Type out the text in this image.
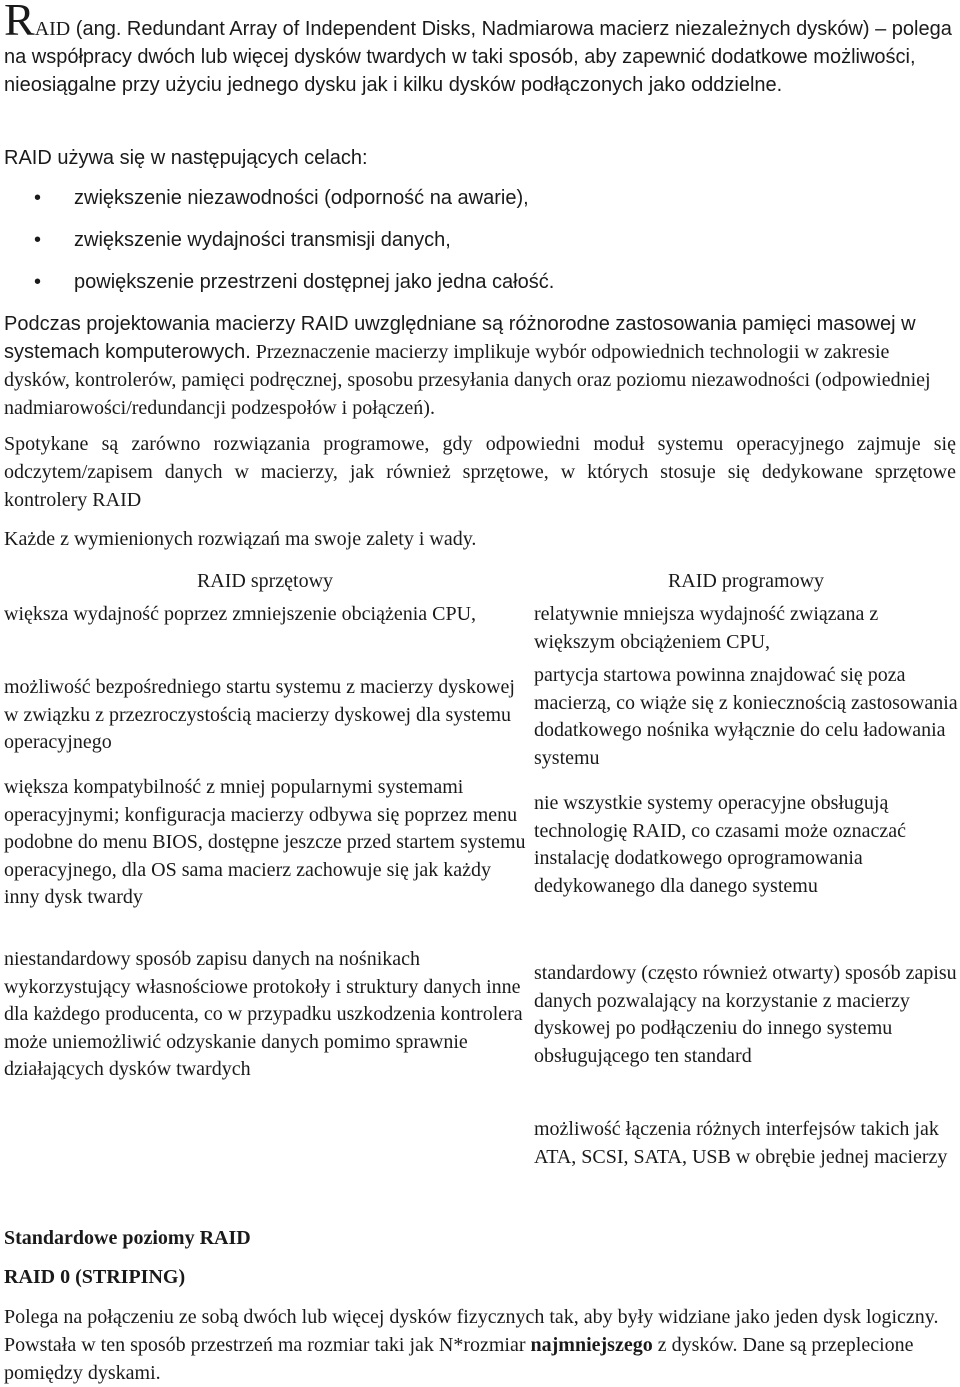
RAID (ang. Redundant Array of Independent Disks, Nadmiarowa macierz niezależnych dysków) – polega na współpracy dwóch lub więcej dysków twardych w taki sposób, aby zapewnić dodatkowe możliwości, nieosiągalne przy użyciu jednego dysku jak i kilku dysków podłączonych jako oddzielne.

RAID używa się w następujących celach:

• zwiększenie niezawodności (odporność na awarie),
• zwiększenie wydajności transmisji danych,
• powiększenie przestrzeni dostępnej jako jedna całość.

Podczas projektowania macierzy RAID uwzględniane są różnorodne zastosowania pamięci masowej w systemach komputerowych. Przeznaczenie macierzy implikuje wybór odpowiednich technologii w zakresie dysków, kontrolerów, pamięci podręcznej, sposobu przesyłania danych oraz poziomu niezawodności (odpowiedniej nadmiarowości/redundancji podzespołów i połączeń).

Spotykane są zarówno rozwiązania programowe, gdy odpowiedni moduł systemu operacyjnego zajmuje się odczytem/zapisem danych w macierzy, jak również sprzętowe, w których stosuje się dedykowane sprzętowe kontrolery RAID

Każde z wymienionych rozwiązań ma swoje zalety i wady.

RAID sprzętowy
większa wydajność poprzez zmniejszenie obciążenia CPU,
możliwość bezpośredniego startu systemu z macierzy dyskowej w związku z przezroczystością macierzy dyskowej dla systemu operacyjnego
większa kompatybilność z mniej popularnymi systemami operacyjnymi; konfiguracja macierzy odbywa się poprzez menu podobne do menu BIOS, dostępne jeszcze przed startem systemu operacyjnego, dla OS sama macierz zachowuje się jak każdy inny dysk twardy
niestandardowy sposób zapisu danych na nośnikach wykorzystujący własnościowe protokoły i struktury danych inne dla każdego producenta, co w przypadku uszkodzenia kontrolera może uniemożliwić odzyskanie danych pomimo sprawnie działających dysków twardych
RAID programowy
relatywnie mniejsza wydajność związana z większym obciążeniem CPU,
partycja startowa powinna znajdować się poza macierzą, co wiąże się z koniecznością zastosowania dodatkowego nośnika wyłącznie do celu ładowania systemu
nie wszystkie systemy operacyjne obsługują technologię RAID, co czasami może oznaczać instalację dodatkowego oprogramowania dedykowanego dla danego systemu
standardowy (często również otwarty) sposób zapisu danych pozwalający na korzystanie z macierzy dyskowej po podłączeniu do innego systemu obsługującego ten standard
możliwość łączenia różnych interfejsów takich jak ATA, SCSI, SATA, USB w obrębie jednej macierzy

Standardowe poziomy RAID

RAID 0 (STRIPING)

Polega na połączeniu ze sobą dwóch lub więcej dysków fizycznych tak, aby były widziane jako jeden dysk logiczny. Powstała w ten sposób przestrzeń ma rozmiar taki jak N*rozmiar najmniejszego z dysków. Dane są przeplecione pomiędzy dyskami.
